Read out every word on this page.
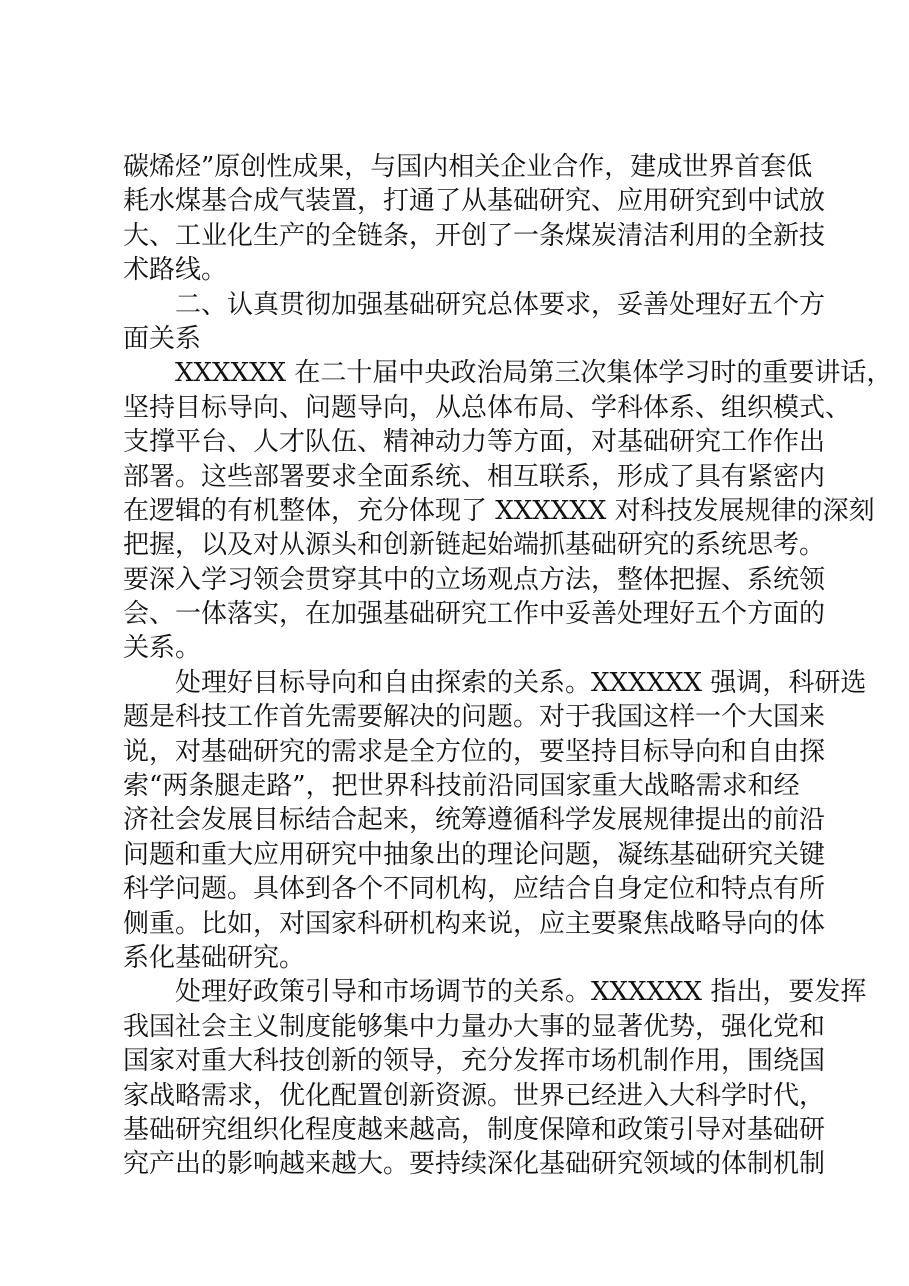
碳烯烃”原创性成果，与国内相关企业合作，建成世界首套低
耗水煤基合成气装置，打通了从基础研究、应用研究到中试放
大、工业化生产的全链条，开创了一条煤炭清洁利用的全新技
术路线。
　　二、认真贯彻加强基础研究总体要求，妥善处理好五个方
面关系
　　XXXXXX 在二十届中央政治局第三次集体学习时的重要讲话，
坚持目标导向、问题导向，从总体布局、学科体系、组织模式、
支撑平台、人才队伍、精神动力等方面，对基础研究工作作出
部署。这些部署要求全面系统、相互联系，形成了具有紧密内
在逻辑的有机整体，充分体现了 XXXXXX 对科技发展规律的深刻
把握，以及对从源头和创新链起始端抓基础研究的系统思考。
要深入学习领会贯穿其中的立场观点方法，整体把握、系统领
会、一体落实，在加强基础研究工作中妥善处理好五个方面的
关系。
　　处理好目标导向和自由探索的关系。XXXXXX 强调，科研选
题是科技工作首先需要解决的问题。对于我国这样一个大国来
说，对基础研究的需求是全方位的，要坚持目标导向和自由探
索“两条腿走路”，把世界科技前沿同国家重大战略需求和经
济社会发展目标结合起来，统筹遵循科学发展规律提出的前沿
问题和重大应用研究中抽象出的理论问题，凝练基础研究关键
科学问题。具体到各个不同机构，应结合自身定位和特点有所
侧重。比如，对国家科研机构来说，应主要聚焦战略导向的体
系化基础研究。
　　处理好政策引导和市场调节的关系。XXXXXX 指出，要发挥
我国社会主义制度能够集中力量办大事的显著优势，强化党和
国家对重大科技创新的领导，充分发挥市场机制作用，围绕国
家战略需求，优化配置创新资源。世界已经进入大科学时代，
基础研究组织化程度越来越高，制度保障和政策引导对基础研
究产出的影响越来越大。要持续深化基础研究领域的体制机制
